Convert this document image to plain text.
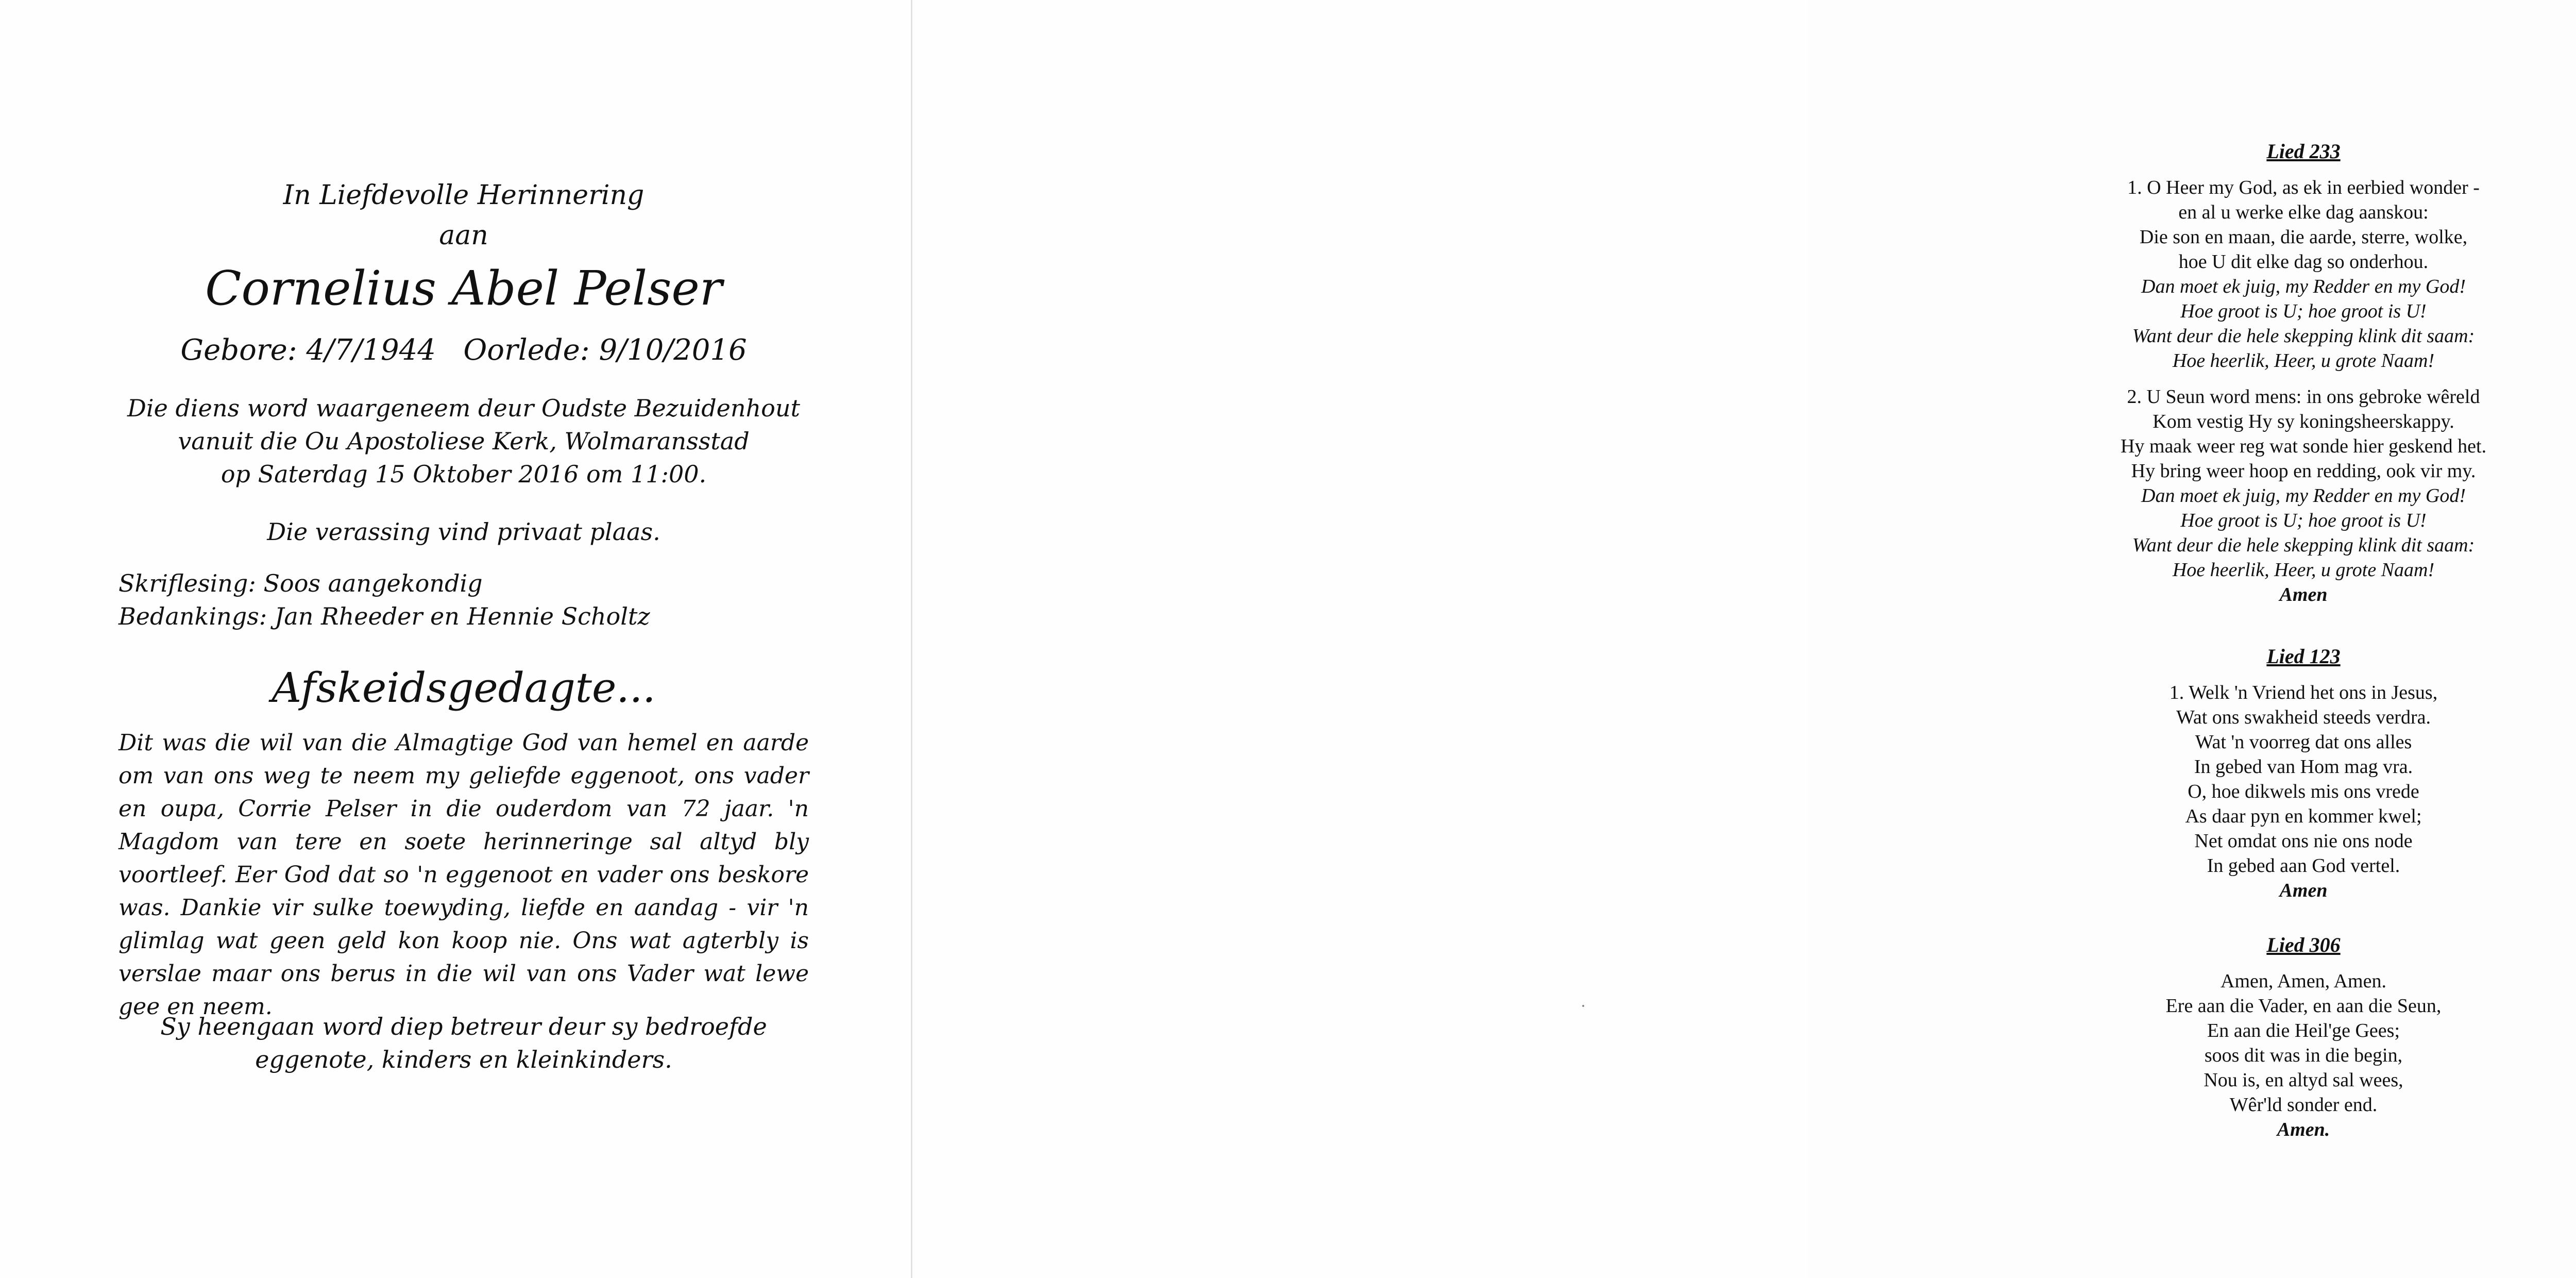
In Liefdevolle Herinnering
aan
Cornelius Abel Pelser
Gebore: 4/7/1944 Oorlede: 9/10/2016
Die diens word waargeneem deur Oudste Bezuidenhout
vanuit die Ou Apostoliese Kerk, Wolmaransstad
op Saterdag 15 Oktober 2016 om 11:00.
Die verassing vind privaat plaas.
Skriflesing: Soos aangekondig
Bedankings: Jan Rheeder en Hennie Scholtz
Afskeidsgedagte...
Dit was die wil van die Almagtige God van hemel en aarde om van ons weg te neem my geliefde eggenoot, ons vader en oupa, Corrie Pelser in die ouderdom van 72 jaar. 'n Magdom van tere en soete herinneringe sal altyd bly voortleef. Eer God dat so 'n eggenoot en vader ons beskore was. Dankie vir sulke toewyding, liefde en aandag - vir 'n glimlag wat geen geld kon koop nie. Ons wat agterbly is verslae maar ons berus in die wil van ons Vader wat lewe gee en neem.
Sy heengaan word diep betreur deur sy bedroefde
eggenote, kinders en kleinkinders.
Lied 233
1. O Heer my God, as ek in eerbied wonder -
en al u werke elke dag aanskou:
Die son en maan, die aarde, sterre, wolke,
hoe U dit elke dag so onderhou.
Dan moet ek juig, my Redder en my God!
Hoe groot is U; hoe groot is U!
Want deur die hele skepping klink dit saam:
Hoe heerlik, Heer, u grote Naam!
2. U Seun word mens: in ons gebroke wêreld
Kom vestig Hy sy koningsheerskappy.
Hy maak weer reg wat sonde hier geskend het.
Hy bring weer hoop en redding, ook vir my.
Dan moet ek juig, my Redder en my God!
Hoe groot is U; hoe groot is U!
Want deur die hele skepping klink dit saam:
Hoe heerlik, Heer, u grote Naam!
Amen
Lied 123
1. Welk 'n Vriend het ons in Jesus,
Wat ons swakheid steeds verdra.
Wat 'n voorreg dat ons alles
In gebed van Hom mag vra.
O, hoe dikwels mis ons vrede
As daar pyn en kommer kwel;
Net omdat ons nie ons node
In gebed aan God vertel.
Amen
Lied 306
Amen, Amen, Amen.
Ere aan die Vader, en aan die Seun,
En aan die Heil'ge Gees;
soos dit was in die begin,
Nou is, en altyd sal wees,
Wêr'ld sonder end.
Amen.
